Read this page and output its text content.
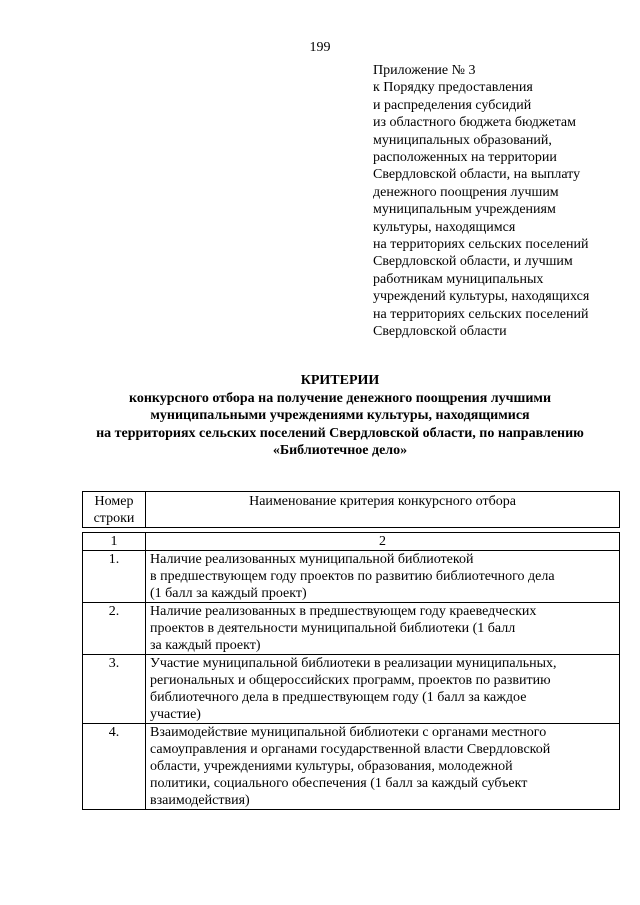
199
Приложение № 3
к Порядку предоставления
и распределения субсидий
из областного бюджета бюджетам
муниципальных образований,
расположенных на территории
Свердловской области, на выплату
денежного поощрения лучшим
муниципальным учреждениям
культуры, находящимся
на территориях сельских поселений
Свердловской области, и лучшим
работникам муниципальных
учреждений культуры, находящихся
на территориях сельских поселений
Свердловской области
КРИТЕРИИ
конкурсного отбора на получение денежного поощрения лучшими
муниципальными учреждениями культуры, находящимися
на территориях сельских поселений Свердловской области, по направлению
«Библиотечное дело»
Номер
строки
	Наименование критерия конкурсного отбора
1	2
1.	Наличие реализованных муниципальной библиотекой
в предшествующем году проектов по развитию библиотечного дела
(1 балл за каждый проект)

2.	Наличие реализованных в предшествующем году краеведческих
проектов в деятельности муниципальной библиотеки (1 балл
за каждый проект)

3.	Участие муниципальной библиотеки в реализации муниципальных,
региональных и общероссийских программ, проектов по развитию
библиотечного дела в предшествующем году (1 балл за каждое
участие)

4.	Взаимодействие муниципальной библиотеки с органами местного
самоуправления и органами государственной власти Свердловской
области, учреждениями культуры, образования, молодежной
политики, социального обеспечения (1 балл за каждый субъект
взаимодействия)
